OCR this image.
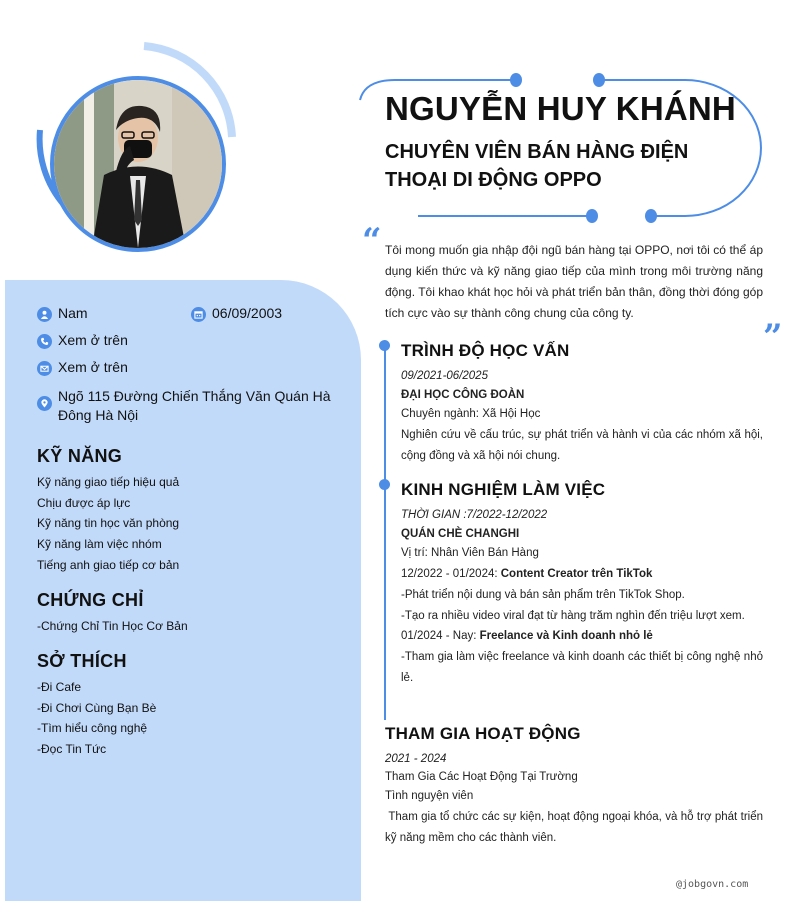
NGUYỄN HUY KHÁNH
CHUYÊN VIÊN BÁN HÀNG ĐIỆN THOẠI DI ĐỘNG OPPO
“
”
Tôi mong muốn gia nhập đội ngũ bán hàng tại OPPO, nơi tôi có thể áp dụng kiến thức và kỹ năng giao tiếp của mình trong môi trường năng động. Tôi khao khát học hỏi và phát triển bản thân, đồng thời đóng góp tích cực vào sự thành công chung của công ty.
Nam	06/09/2003
Xem ở trên
Xem ở trên
Ngõ 115 Đường Chiến Thắng Văn Quán Hà Đông Hà Nội
KỸ NĂNG
Kỹ năng giao tiếp hiệu quả
Chịu được áp lực
Kỹ năng tin học văn phòng
Kỹ năng làm việc nhóm
Tiếng anh giao tiếp cơ bản
CHỨNG CHỈ
-Chứng Chỉ Tin Học Cơ Bản
SỞ THÍCH
-Đi Cafe
-Đi Chơi Cùng Bạn Bè
-Tìm hiểu công nghệ
-Đọc Tin Tức
TRÌNH ĐỘ HỌC VẤN
09/2021-06/2025
ĐẠI HỌC CÔNG ĐOÀN
Chuyên ngành: Xã Hội Học
Nghiên cứu về cấu trúc, sự phát triển và hành vi của các nhóm xã hội, cộng đồng và xã hội nói chung.
KINH NGHIỆM LÀM VIỆC
THỜI GIAN :7/2022-12/2022
QUÁN CHÈ CHANGHI
Vị trí: Nhân Viên Bán Hàng
12/2022 - 01/2024: Content Creator trên TikTok
-Phát triển nội dung và bán sản phẩm trên TikTok Shop.
-Tạo ra nhiều video viral đạt từ hàng trăm nghìn đến triệu lượt xem.
01/2024 - Nay: Freelance và Kinh doanh nhỏ lẻ
-Tham gia làm việc freelance và kinh doanh các thiết bị công nghệ nhỏ lẻ.
THAM GIA HOẠT ĐỘNG
2021 - 2024
Tham Gia Các Hoạt Động Tại Trường
Tình nguyện viên
Tham gia tổ chức các sự kiện, hoạt động ngoại khóa, và hỗ trợ phát triển kỹ năng mềm cho các thành viên.
@jobgovn.com
